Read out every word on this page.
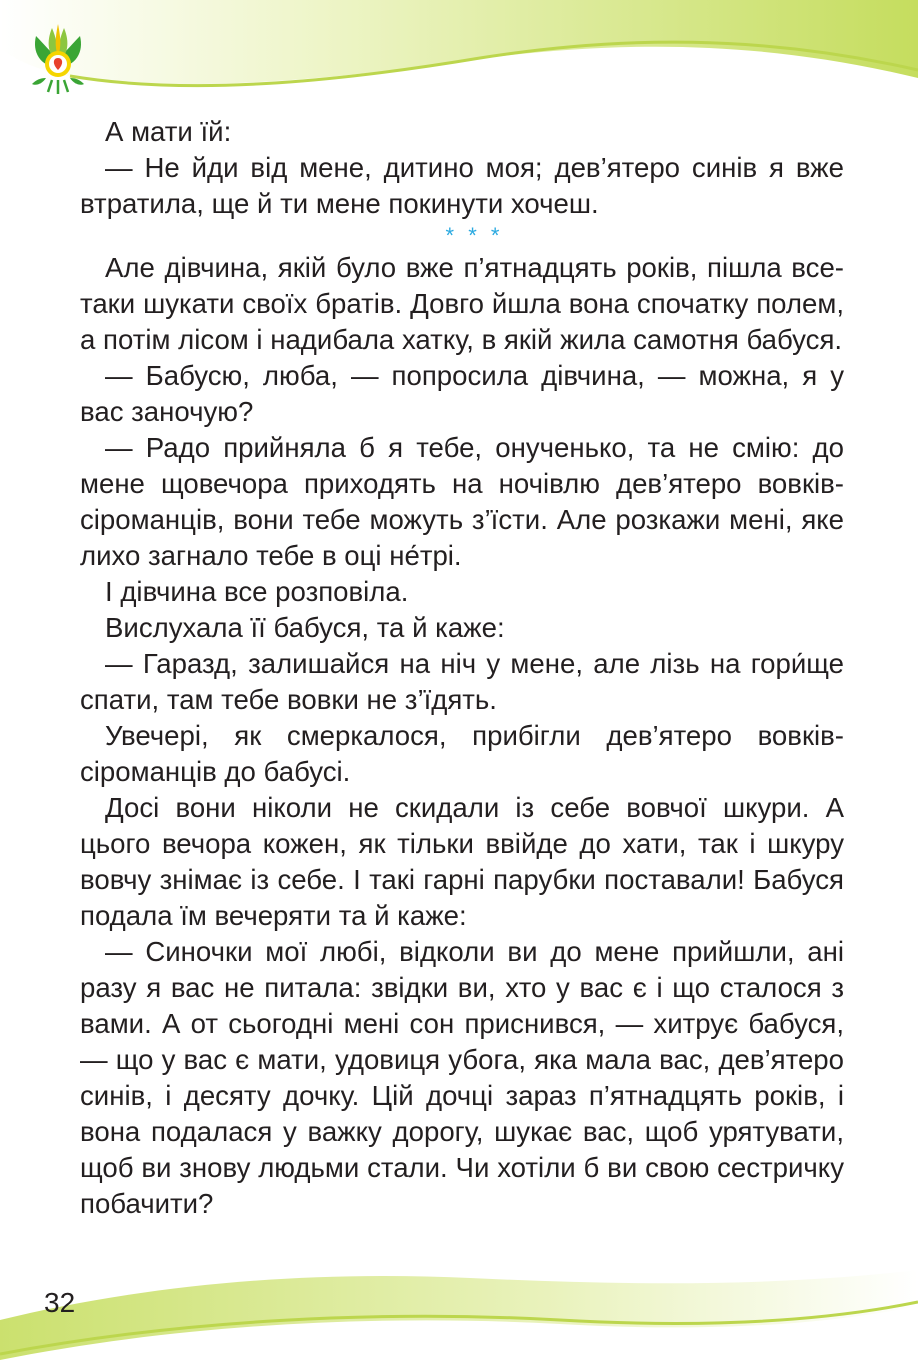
А мати їй:

— Не йди від мене, дитино моя; дев’ятеро синів я вже втратила, ще й ти мене покинути хочеш.

* * *

Але дівчина, якій було вже п’ятнадцять років, пішла все-таки шукати своїх братів. Довго йшла вона спочатку полем, а потім лісом і надибала хатку, в якій жила самотня бабуся.

— Бабусю, люба, — попросила дівчина, — можна, я у вас заночую?

— Радо прийняла б я тебе, онученько, та не смію: до мене щовечора приходять на ночівлю дев’ятеро вовків-сіроманців, вони тебе можуть з’їсти. Але розкажи мені, яке лихо загнало тебе в оці не́трі.

І дівчина все розповіла.

Вислухала її бабуся, та й каже:

— Гаразд, залишайся на ніч у мене, але лізь на гори́ще спати, там тебе вовки не з’їдять.

Увечері, як смеркалося, прибігли дев’ятеро вовків-сіроманців до бабусі.

Досі вони ніколи не скидали із себе вовчої шкури. А цього вечора кожен, як тільки ввійде до хати, так і шкуру вовчу знімає із себе. І такі гарні парубки поставали! Бабуся подала їм вечеряти та й каже:

— Синочки мої любі, відколи ви до мене прийшли, ані разу я вас не питала: звідки ви, хто у вас є і що сталося з вами. А от сьогодні мені сон приснився, — хитрує бабуся, — що у вас є мати, удовиця убога, яка мала вас, дев’ятеро синів, і десяту дочку. Цій дочці зараз п’ятнадцять років, і вона подалася у важку дорогу, шукає вас, щоб урятувати, щоб ви знову людьми стали. Чи хотіли б ви свою сестричку побачити?

32
